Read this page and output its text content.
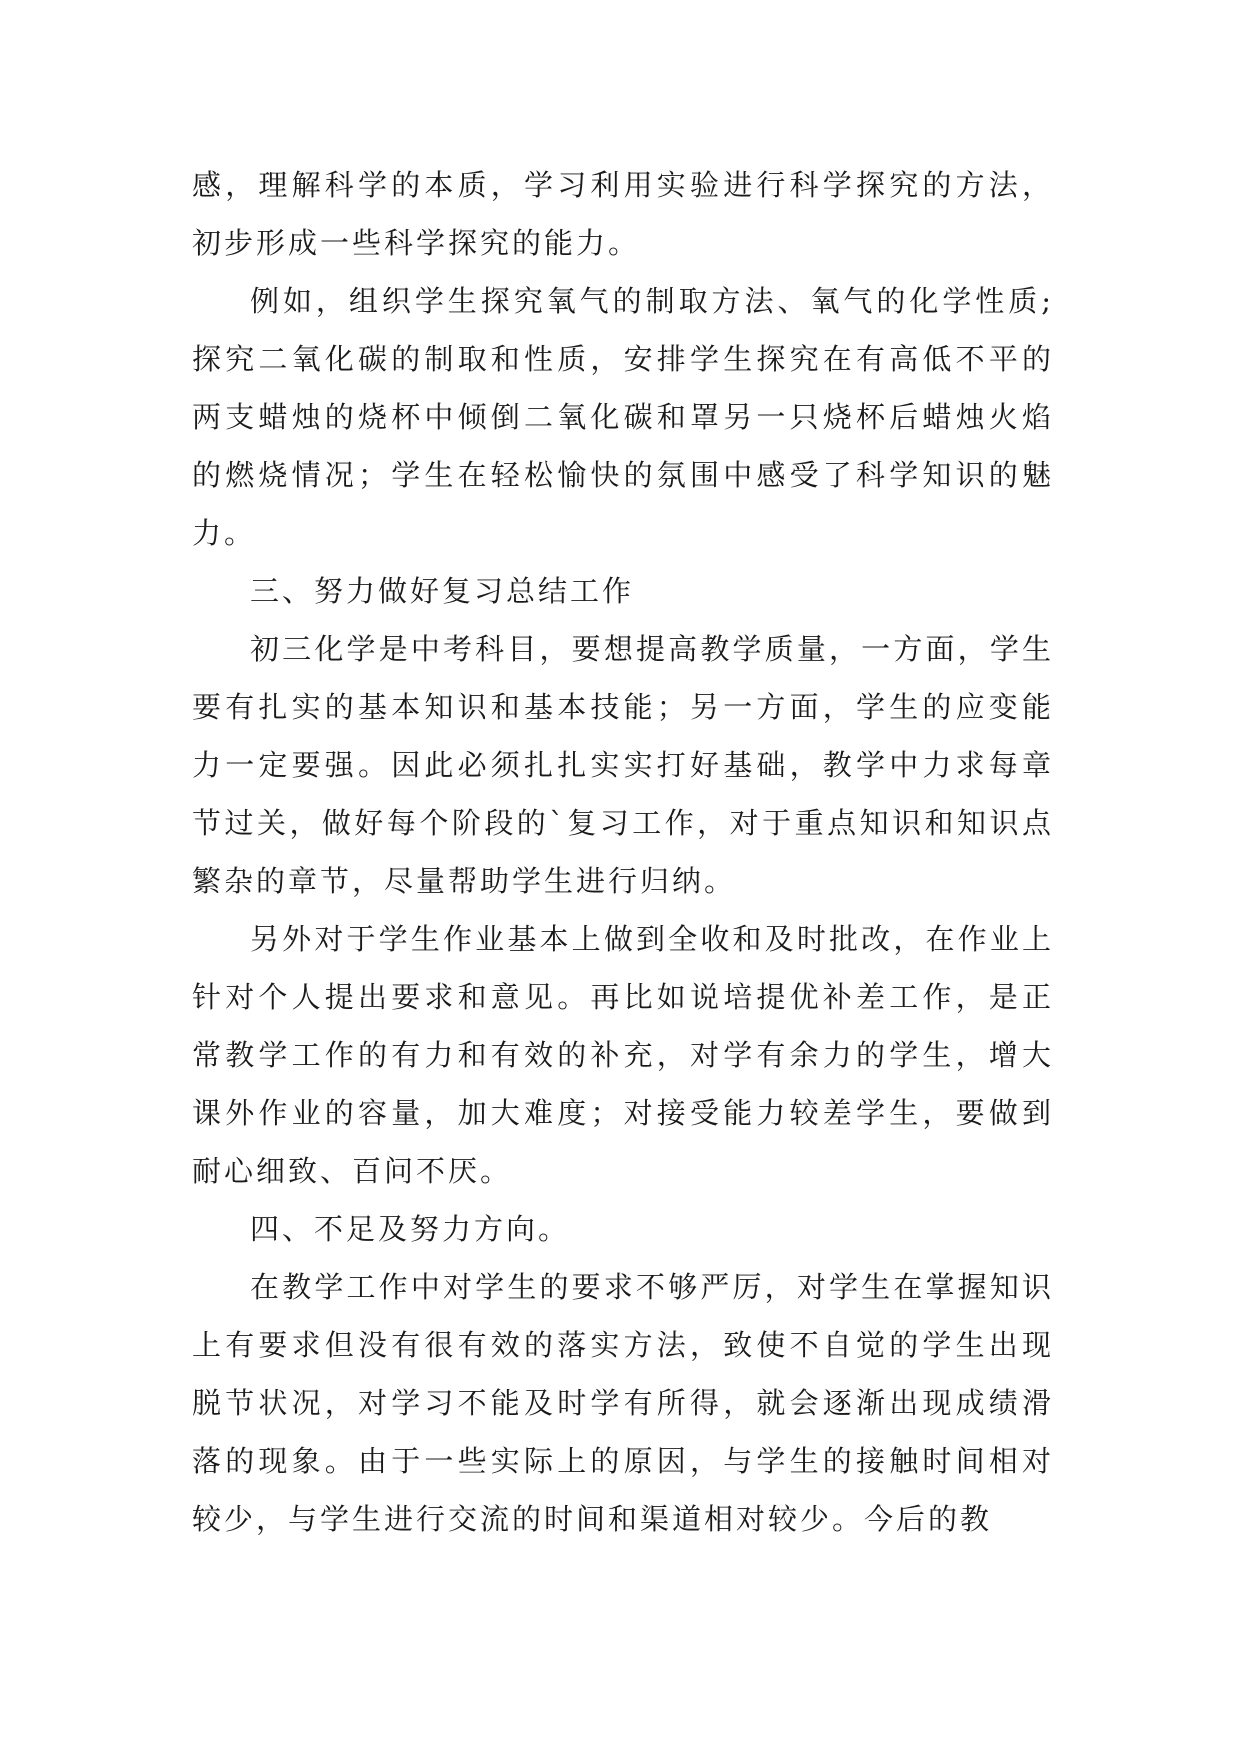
感，理解科学的本质，学习利用实验进行科学探究的方法，初步形成一些科学探究的能力。

例如，组织学生探究氧气的制取方法、氧气的化学性质;探究二氧化碳的制取和性质，安排学生探究在有高低不平的两支蜡烛的烧杯中倾倒二氧化碳和罩另一只烧杯后蜡烛火焰的燃烧情况；学生在轻松愉快的氛围中感受了科学知识的魅力。

三、努力做好复习总结工作

初三化学是中考科目，要想提高教学质量，一方面，学生要有扎实的基本知识和基本技能；另一方面，学生的应变能力一定要强。因此必须扎扎实实打好基础，教学中力求每章节过关，做好每个阶段的`复习工作，对于重点知识和知识点繁杂的章节，尽量帮助学生进行归纳。

另外对于学生作业基本上做到全收和及时批改，在作业上针对个人提出要求和意见。再比如说培提优补差工作，是正常教学工作的有力和有效的补充，对学有余力的学生，增大课外作业的容量，加大难度；对接受能力较差学生，要做到耐心细致、百问不厌。

四、不足及努力方向。

在教学工作中对学生的要求不够严厉，对学生在掌握知识上有要求但没有很有效的落实方法，致使不自觉的学生出现脱节状况，对学习不能及时学有所得，就会逐渐出现成绩滑落的现象。由于一些实际上的原因，与学生的接触时间相对较少，与学生进行交流的时间和渠道相对较少。今后的教
